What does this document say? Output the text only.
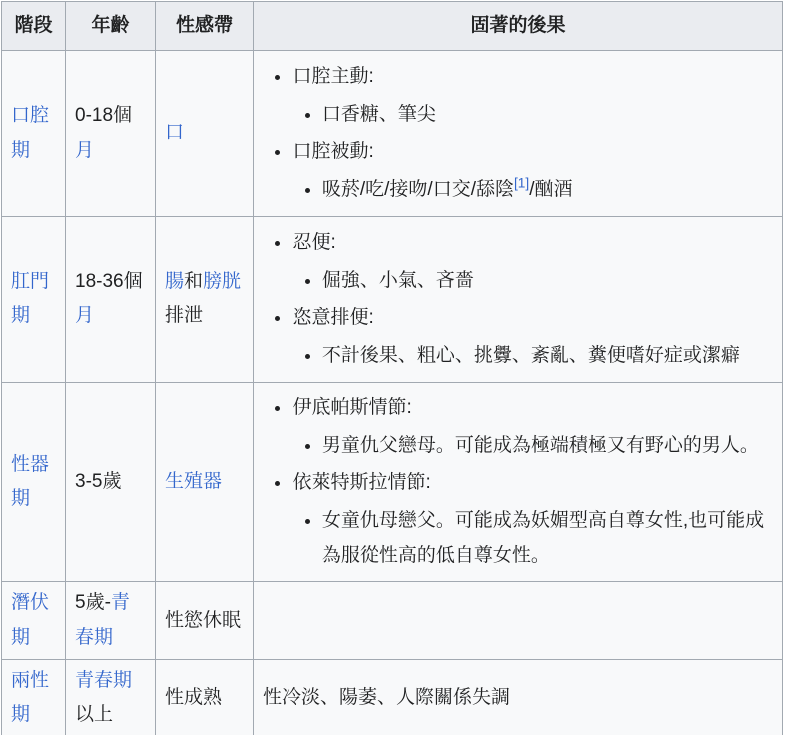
階段	年齡	性感帶	固著的後果
口腔期	0-18個月	口	
• 口腔主動:
• 口香糖、筆尖
• 口腔被動:
• 吸菸/吃/接吻/口交/舔陰[1]/酗酒

肛門期	18-36個月	腸和膀胱排泄	
• 忍便:
• 倔強、小氣、吝嗇
• 恣意排便:
• 不計後果、粗心、挑釁、紊亂、糞便嗜好症或潔癖

性器期	3-5歲	生殖器	
• 伊底帕斯情節:
• 男童仇父戀母。可能成為極端積極又有野心的男人。
• 依萊特斯拉情節:
• 女童仇母戀父。可能成為妖媚型高自尊女性,也可能成為服從性高的低自尊女性。

潛伏期	5歲-青春期	性慾休眠	
兩性期	青春期以上	性成熟	性冷淡、陽萎、人際關係失調
